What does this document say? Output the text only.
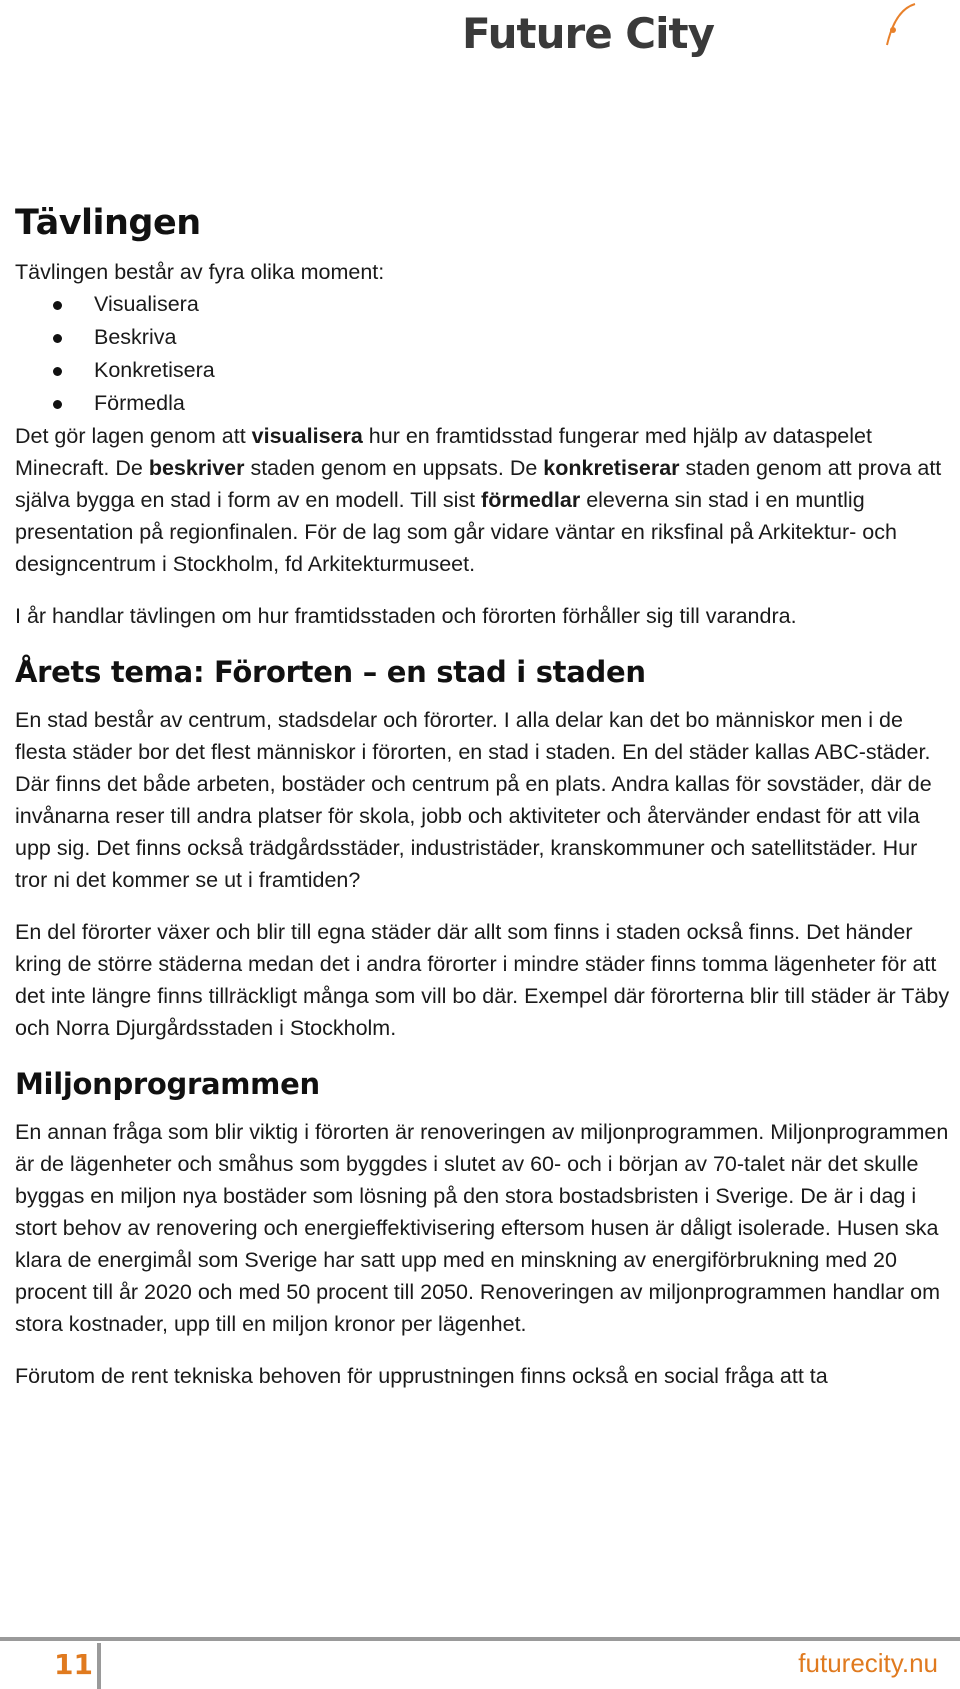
Future City
Tävlingen

Tävlingen består av fyra olika moment:

Visualisera
Beskriva
Konkretisera
Förmedla

Det gör lagen genom att visualisera hur en framtidsstad fungerar med hjälp av dataspelet Minecraft. De beskriver staden genom en uppsats. De konkretiserar staden genom att prova att själva bygga en stad i form av en modell. Till sist förmedlar eleverna sin stad i en muntlig presentation på regionfinalen. För de lag som går vidare väntar en riksfinal på Arkitektur- och designcentrum i Stockholm, fd Arkitekturmuseet.

I år handlar tävlingen om hur framtidsstaden och förorten förhåller sig till varandra.

Årets tema: Förorten – en stad i staden

En stad består av centrum, stadsdelar och förorter. I alla delar kan det bo människor men i de flesta städer bor det flest människor i förorten, en stad i staden. En del städer kallas ABC-städer. Där finns det både arbeten, bostäder och centrum på en plats. Andra kallas för sovstäder, där de invånarna reser till andra platser för skola, jobb och aktiviteter och återvänder endast för att vila upp sig. Det finns också trädgårdsstäder, industristäder, kranskommuner och satellitstäder. Hur tror ni det kommer se ut i framtiden?

En del förorter växer och blir till egna städer där allt som finns i staden också finns. Det händer kring de större städerna medan det i andra förorter i mindre städer finns tomma lägenheter för att det inte längre finns tillräckligt många som vill bo där. Exempel där förorterna blir till städer är Täby och Norra Djurgårdsstaden i Stockholm.

Miljonprogrammen

En annan fråga som blir viktig i förorten är renoveringen av miljonprogrammen. Miljonprogrammen är de lägenheter och småhus som byggdes i slutet av 60- och i början av 70-talet när det skulle byggas en miljon nya bostäder som lösning på den stora bostadsbristen i Sverige. De är i dag i stort behov av renovering och energieffektivisering eftersom husen är dåligt isolerade. Husen ska klara de energimål som Sverige har satt upp med en minskning av energiförbrukning med 20 procent till år 2020 och med 50 procent till 2050. Renoveringen av miljonprogrammen handlar om stora kostnader, upp till en miljon kronor per lägenhet.

Förutom de rent tekniska behoven för upprustningen finns också en social fråga att ta

11	futurecity.nu
